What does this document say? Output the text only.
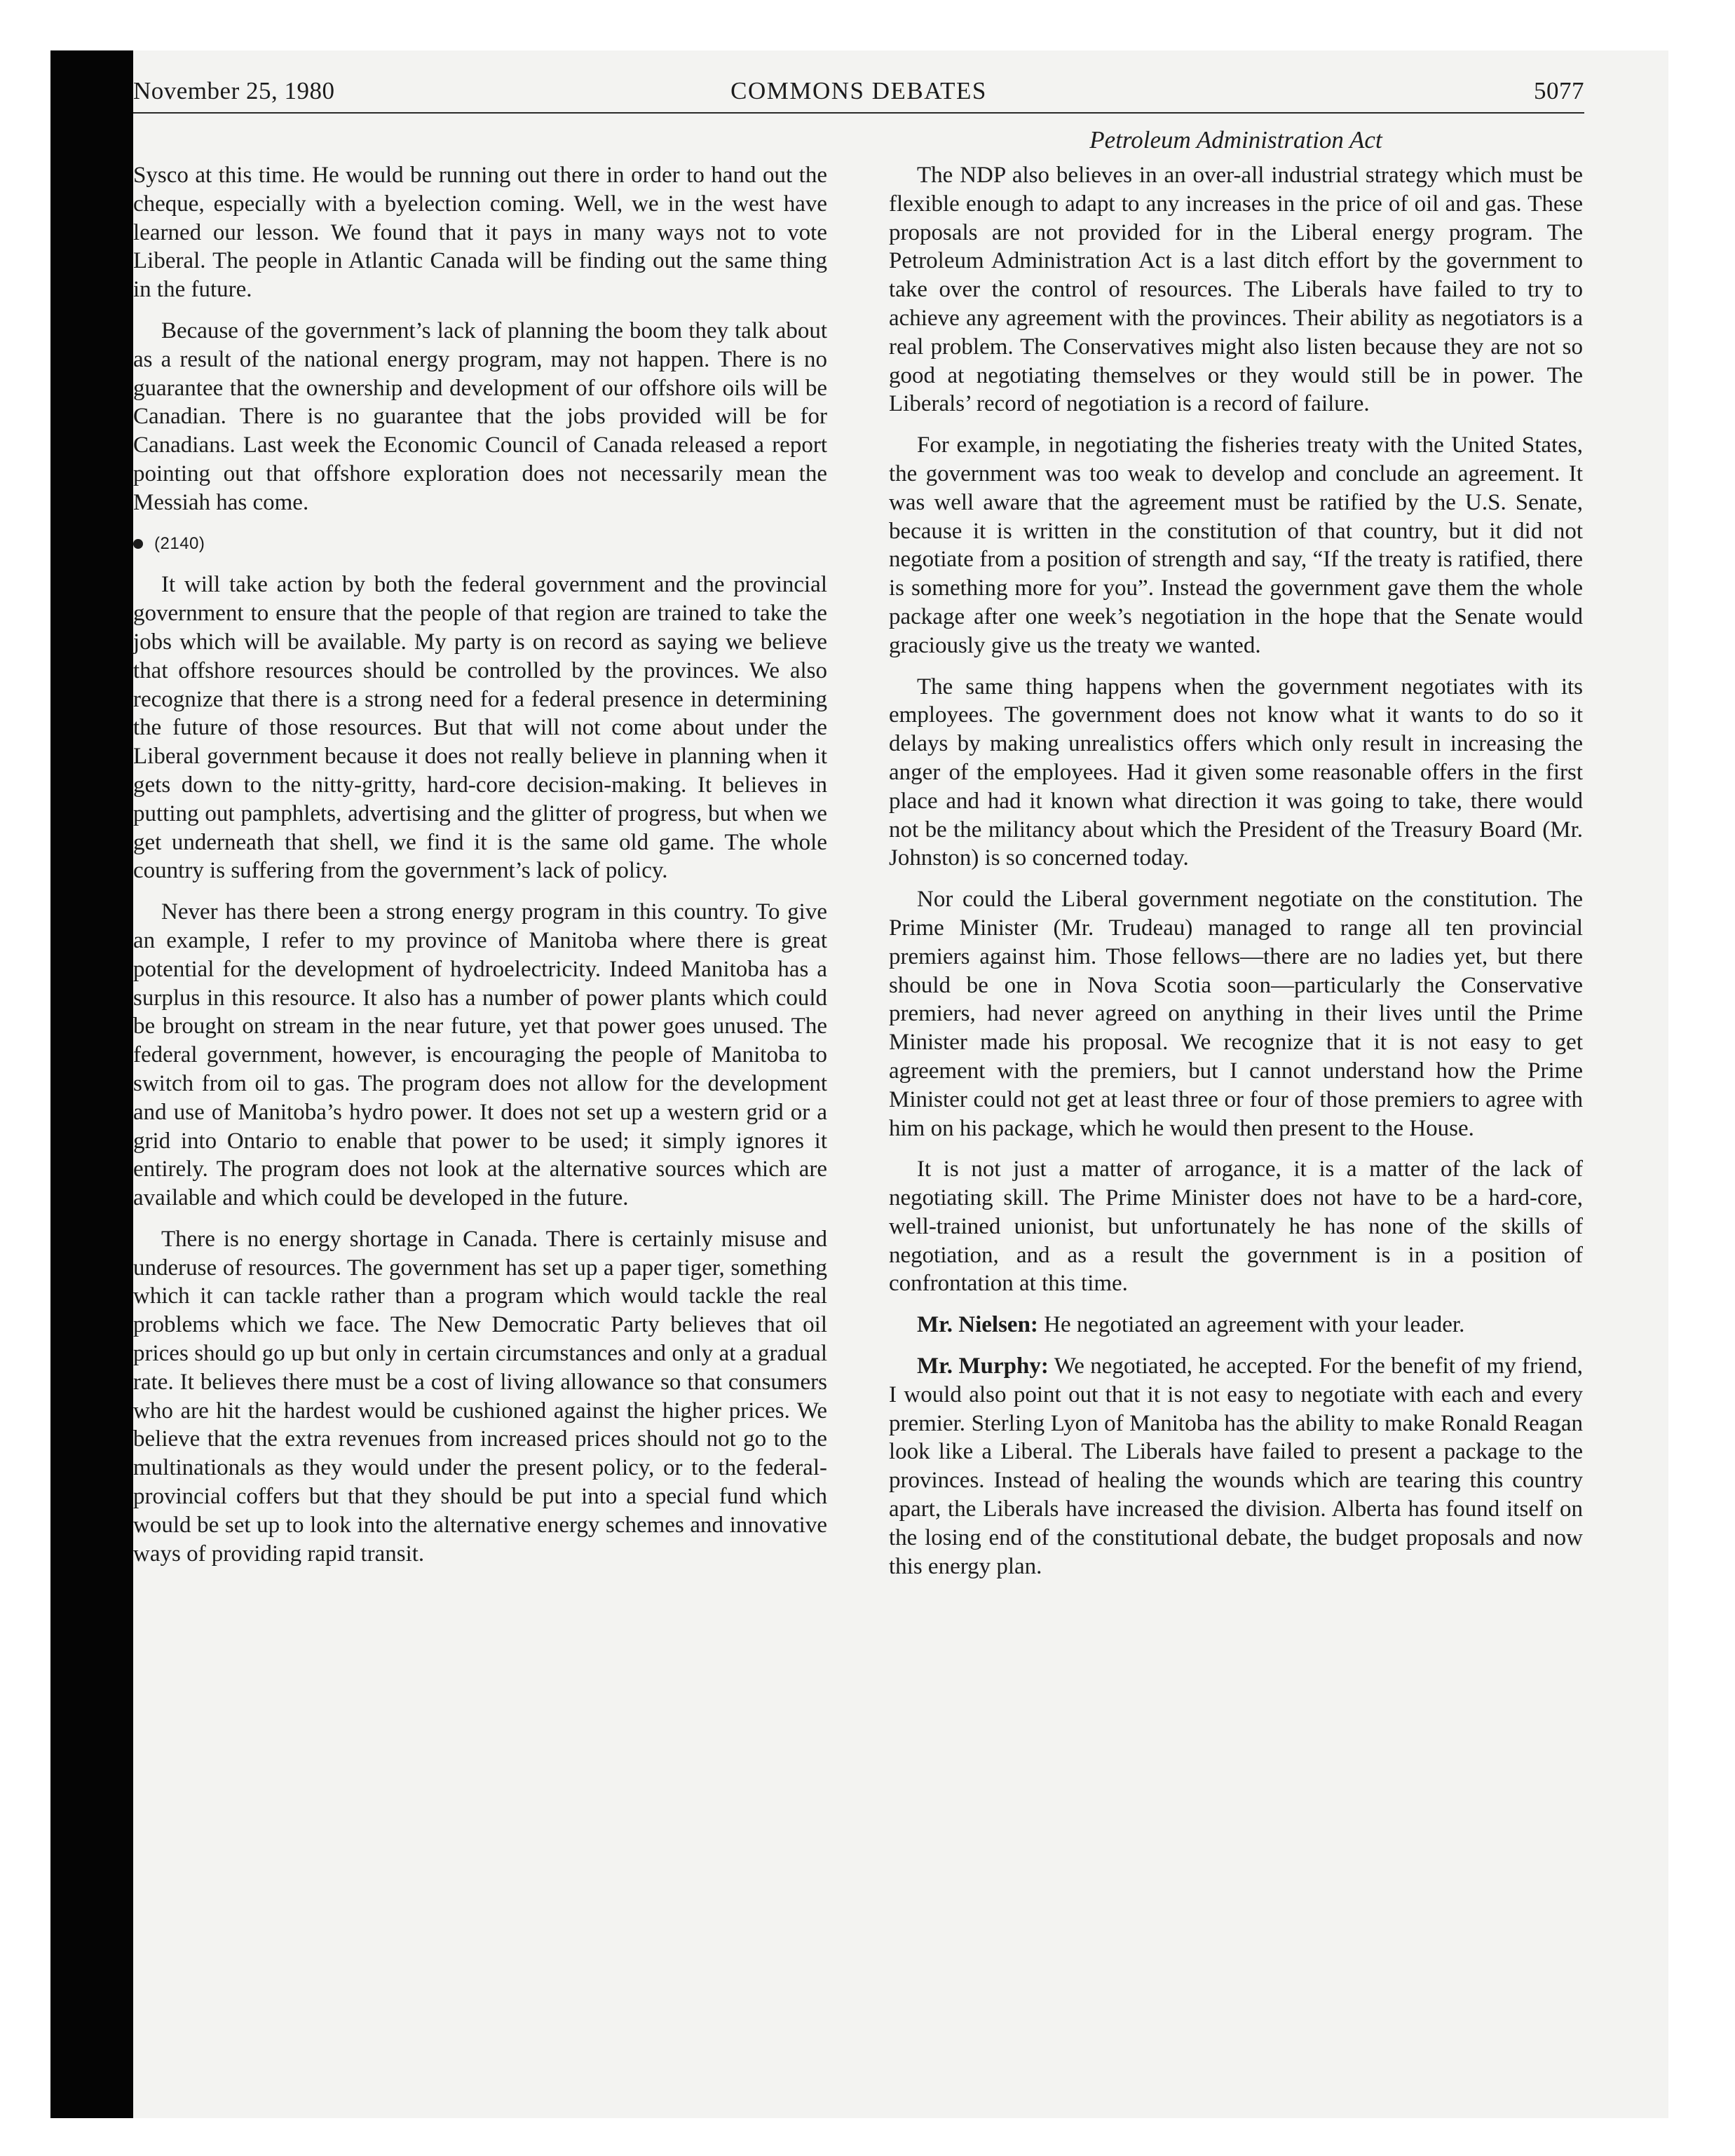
November 25, 1980	COMMONS DEBATES	5077
Petroleum Administration Act

Sysco at this time. He would be running out there in order to hand out the cheque, especially with a byelection coming. Well, we in the west have learned our lesson. We found that it pays in many ways not to vote Liberal. The people in Atlantic Canada will be finding out the same thing in the future.

Because of the government’s lack of planning the boom they talk about as a result of the national energy program, may not happen. There is no guarantee that the ownership and development of our offshore oils will be Canadian. There is no guarantee that the jobs provided will be for Canadians. Last week the Economic Council of Canada released a report pointing out that offshore exploration does not necessarily mean the Messiah has come.

(2140)

It will take action by both the federal government and the provincial government to ensure that the people of that region are trained to take the jobs which will be available. My party is on record as saying we believe that offshore resources should be controlled by the provinces. We also recognize that there is a strong need for a federal presence in determining the future of those resources. But that will not come about under the Liberal government because it does not really believe in planning when it gets down to the nitty-gritty, hard-core decision-making. It believes in putting out pamphlets, advertising and the glitter of progress, but when we get underneath that shell, we find it is the same old game. The whole country is suffering from the government’s lack of policy.

Never has there been a strong energy program in this country. To give an example, I refer to my province of Manitoba where there is great potential for the development of hydroelectricity. Indeed Manitoba has a surplus in this resource. It also has a number of power plants which could be brought on stream in the near future, yet that power goes unused. The federal government, however, is encouraging the people of Manitoba to switch from oil to gas. The program does not allow for the development and use of Manitoba’s hydro power. It does not set up a western grid or a grid into Ontario to enable that power to be used; it simply ignores it entirely. The program does not look at the alternative sources which are available and which could be developed in the future.

There is no energy shortage in Canada. There is certainly misuse and underuse of resources. The government has set up a paper tiger, something which it can tackle rather than a program which would tackle the real problems which we face. The New Democratic Party believes that oil prices should go up but only in certain circumstances and only at a gradual rate. It believes there must be a cost of living allowance so that consumers who are hit the hardest would be cushioned against the higher prices. We believe that the extra revenues from increased prices should not go to the multinationals as they would under the present policy, or to the federal-provincial coffers but that they should be put into a special fund which would be set up to look into the alternative energy schemes and innovative ways of providing rapid transit.

The NDP also believes in an over-all industrial strategy which must be flexible enough to adapt to any increases in the price of oil and gas. These proposals are not provided for in the Liberal energy program. The Petroleum Administration Act is a last ditch effort by the government to take over the control of resources. The Liberals have failed to try to achieve any agreement with the provinces. Their ability as negotiators is a real problem. The Conservatives might also listen because they are not so good at negotiating themselves or they would still be in power. The Liberals’ record of negotiation is a record of failure.

For example, in negotiating the fisheries treaty with the United States, the government was too weak to develop and conclude an agreement. It was well aware that the agreement must be ratified by the U.S. Senate, because it is written in the constitution of that country, but it did not negotiate from a position of strength and say, “If the treaty is ratified, there is something more for you”. Instead the government gave them the whole package after one week’s negotiation in the hope that the Senate would graciously give us the treaty we wanted.

The same thing happens when the government negotiates with its employees. The government does not know what it wants to do so it delays by making unrealistics offers which only result in increasing the anger of the employees. Had it given some reasonable offers in the first place and had it known what direction it was going to take, there would not be the militancy about which the President of the Treasury Board (Mr. Johnston) is so concerned today.

Nor could the Liberal government negotiate on the constitution. The Prime Minister (Mr. Trudeau) managed to range all ten provincial premiers against him. Those fellows—there are no ladies yet, but there should be one in Nova Scotia soon—particularly the Conservative premiers, had never agreed on anything in their lives until the Prime Minister made his proposal. We recognize that it is not easy to get agreement with the premiers, but I cannot understand how the Prime Minister could not get at least three or four of those premiers to agree with him on his package, which he would then present to the House.

It is not just a matter of arrogance, it is a matter of the lack of negotiating skill. The Prime Minister does not have to be a hard-core, well-trained unionist, but unfortunately he has none of the skills of negotiation, and as a result the government is in a position of confrontation at this time.

Mr. Nielsen: He negotiated an agreement with your leader.

Mr. Murphy: We negotiated, he accepted. For the benefit of my friend, I would also point out that it is not easy to negotiate with each and every premier. Sterling Lyon of Manitoba has the ability to make Ronald Reagan look like a Liberal. The Liberals have failed to present a package to the provinces. Instead of healing the wounds which are tearing this country apart, the Liberals have increased the division. Alberta has found itself on the losing end of the constitutional debate, the budget proposals and now this energy plan.
